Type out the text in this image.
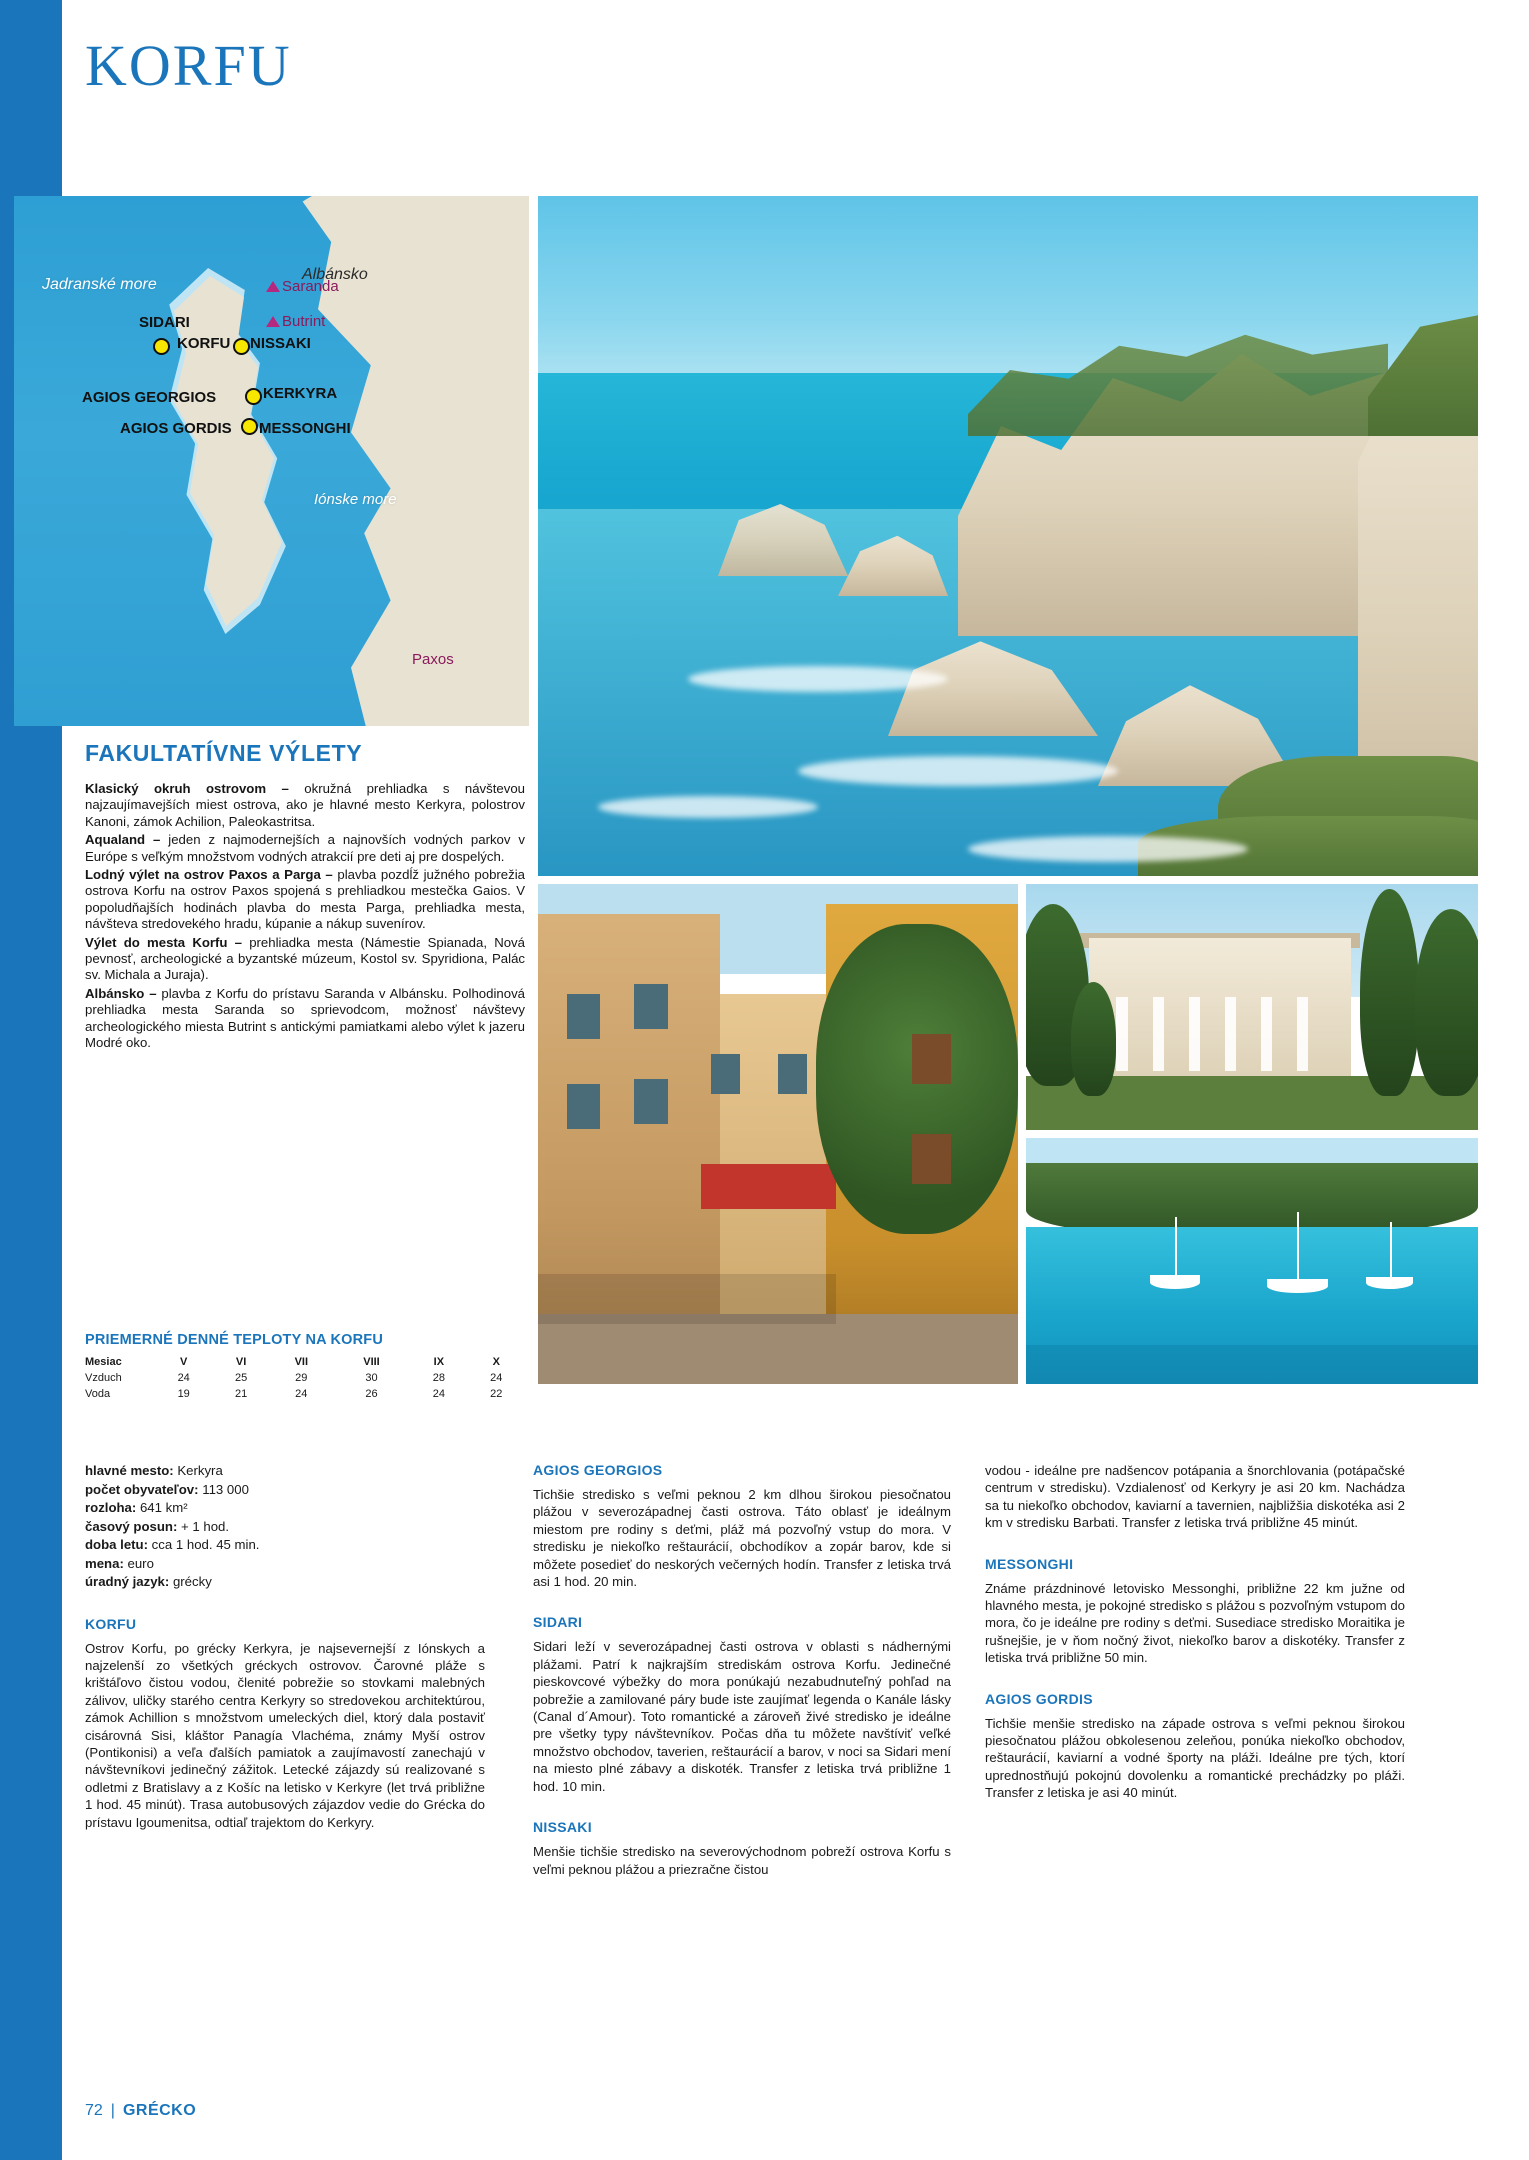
KORFU
Jadranské more
Iónske more
Albánsko
Saranda
Butrint
SIDARI
KORFU NISSAKI
AGIOS GEORGIOS	KERKYRA
AGIOS GORDIS MESSONGHI
Paxos
FAKULTATÍVNE VÝLETY

Klasický okruh ostrovom – okružná prehliadka s návštevou najzaujímavejších miest ostrova, ako je hlavné mesto Kerkyra, polostrov Kanoni, zámok Achilion, Paleokastritsa.

Aqualand – jeden z najmodernejších a najnovších vodných parkov v Európe s veľkým množstvom vodných atrakcií pre deti aj pre dospelých.

Lodný výlet na ostrov Paxos a Parga – plavba pozdĺž južného pobrežia ostrova Korfu na ostrov Paxos spojená s prehliadkou mestečka Gaios. V popoludňajších hodinách plavba do mesta Parga, prehliadka mesta, návšteva stredovekého hradu, kúpanie a nákup suvenírov.

Výlet do mesta Korfu – prehliadka mesta (Námestie Spianada, Nová pevnosť, archeologické a byzantské múzeum, Kostol sv. Spyridiona, Palác sv. Michala a Juraja).

Albánsko – plavba z Korfu do prístavu Saranda v Albánsku. Polhodinová prehliadka mesta Saranda so sprievodcom, možnosť návštevy archeologického miesta Butrint s antickými pamiatkami alebo výlet k jazeru Modré oko.

PRIEMERNÉ DENNÉ TEPLOTY NA KORFU
Mesiac	V	VI	VII	VIII	IX	X
Vzduch	24	25	29	30	28	24
Voda	19	21	24	26	24	22
hlavné mesto: Kerkyra
počet obyvateľov: 113 000
rozloha: 641 km²
časový posun: + 1 hod.
doba letu: cca 1 hod. 45 min.
mena: euro
úradný jazyk: grécky
KORFU

Ostrov Korfu, po grécky Kerkyra, je najsevernejší z Iónskych a najzelenší zo všetkých gréckych ostrovov. Čarovné pláže s krištáľovo čistou vodou, členité pobrežie so stovkami malebných zálivov, uličky starého centra Kerkyry so stredovekou architektúrou, zámok Achillion s množstvom umeleckých diel, ktorý dala postaviť cisárovná Sisi, kláštor Panagía Vlachéma, známy Myší ostrov (Pontikonisi) a veľa ďalších pamiatok a zaujímavostí zanechajú v návštevníkovi jedinečný zážitok. Letecké zájazdy sú realizované s odletmi z Bratislavy a z Košíc na letisko v Kerkyre (let trvá približne 1 hod. 45 minút). Trasa autobusových zájazdov vedie do Grécka do prístavu Igoumenitsa, odtiaľ trajektom do Kerkyry.

AGIOS GEORGIOS

Tichšie stredisko s veľmi peknou 2 km dlhou širokou piesočnatou plážou v severozápadnej časti ostrova. Táto oblasť je ideálnym miestom pre rodiny s deťmi, pláž má pozvoľný vstup do mora. V stredisku je niekoľko reštaurácií, obchodíkov a zopár barov, kde si môžete posedieť do neskorých večerných hodín. Transfer z letiska trvá asi 1 hod. 20 min.

SIDARI

Sidari leží v severozápadnej časti ostrova v oblasti s nádhernými plážami. Patrí k najkrajším strediskám ostrova Korfu. Jedinečné pieskovcové výbežky do mora ponúkajú nezabudnuteľný pohľad na pobrežie a zamilované páry bude iste zaujímať legenda o Kanále lásky (Canal d´Amour). Toto romantické a zároveň živé stredisko je ideálne pre všetky typy návštevníkov. Počas dňa tu môžete navštíviť veľké množstvo obchodov, taverien, reštaurácií a barov, v noci sa Sidari mení na miesto plné zábavy a diskoték. Transfer z letiska trvá približne 1 hod. 10 min.

NISSAKI

Menšie tichšie stredisko na severovýchodnom pobreží ostrova Korfu s veľmi peknou plážou a priezračne čistou

vodou - ideálne pre nadšencov potápania a šnorchlovania (potápačské centrum v stredisku). Vzdialenosť od Kerkyry je asi 20 km. Nachádza sa tu niekoľko obchodov, kaviarní a tavernien, najbližšia diskotéka asi 2 km v stredisku Barbati. Transfer z letiska trvá približne 45 minút.

MESSONGHI

Známe prázdninové letovisko Messonghi, približne 22 km južne od hlavného mesta, je pokojné stredisko s plážou s pozvoľným vstupom do mora, čo je ideálne pre rodiny s deťmi. Susediace stredisko Moraitika je rušnejšie, je v ňom nočný život, niekoľko barov a diskotéky. Transfer z letiska trvá približne 50 min.

AGIOS GORDIS

Tichšie menšie stredisko na západe ostrova s veľmi peknou širokou piesočnatou plážou obkolesenou zeleňou, ponúka niekoľko obchodov, reštaurácií, kaviarní a vodné športy na pláži. Ideálne pre tých, ktorí uprednostňujú pokojnú dovolenku a romantické prechádzky po pláži. Transfer z letiska je asi 40 minút.

72 | GRÉCKO
